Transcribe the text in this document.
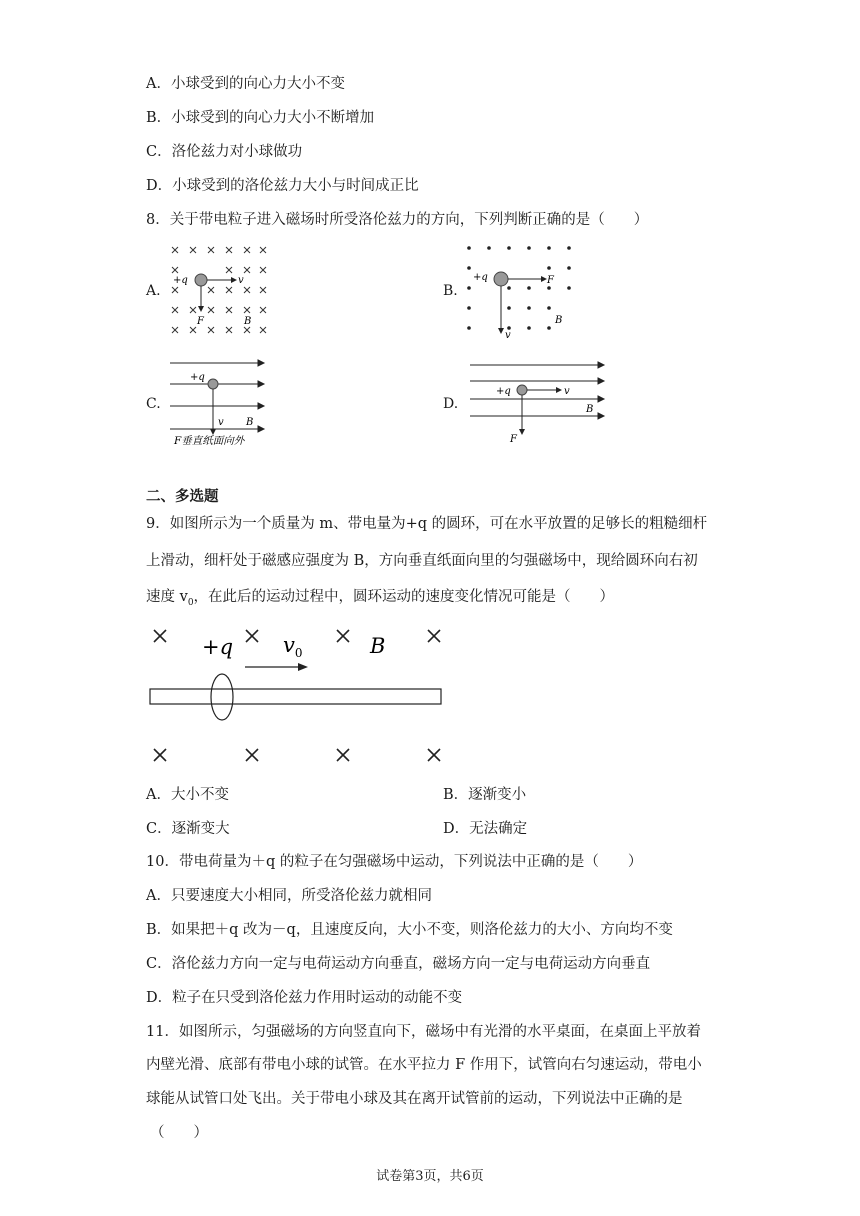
A．小球受到的向心力大小不变
B．小球受到的向心力大小不断增加
C．洛伦兹力对小球做功
D．小球受到的洛伦兹力大小与时间成正比
8．关于带电粒子进入磁场时所受洛伦兹力的方向，下列判断正确的是（　　）
A.	B.
C.	D.
+q	v
F	B
+q	F
v
B
+q
v B
F垂直纸面向外
+q	v
B
F
二、多选题
9．如图所示为一个质量为 m、带电量为+q 的圆环，可在水平放置的足够长的粗糙细杆
上滑动，细杆处于磁感应强度为 B，方向垂直纸面向里的匀强磁场中，现给圆环向右初
速度 $v_0$，在此后的运动过程中，圆环运动的速度变化情况可能是（　　）
+q $v_0$	B
A．大小不变	B．逐渐变小
C．逐渐变大	D．无法确定
10．带电荷量为＋q 的粒子在匀强磁场中运动，下列说法中正确的是（　　）
A．只要速度大小相同，所受洛伦兹力就相同
B．如果把＋q 改为－q，且速度反向，大小不变，则洛伦兹力的大小、方向均不变
C．洛伦兹力方向一定与电荷运动方向垂直，磁场方向一定与电荷运动方向垂直
D．粒子在只受到洛伦兹力作用时运动的动能不变
11．如图所示，匀强磁场的方向竖直向下，磁场中有光滑的水平桌面，在桌面上平放着
内壁光滑、底部有带电小球的试管。在水平拉力 F 作用下，试管向右匀速运动，带电小
球能从试管口处飞出。关于带电小球及其在离开试管前的运动，下列说法中正确的是
（　　）
试卷第3页，共6页
